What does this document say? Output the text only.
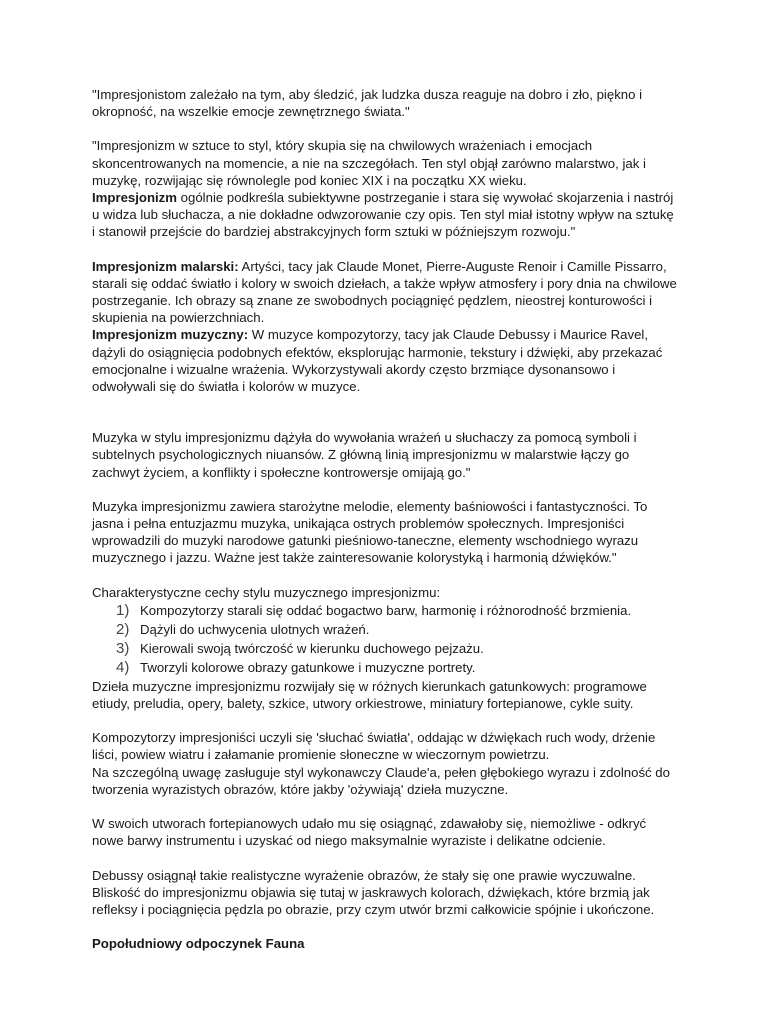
"Impresjonistom zależało na tym, aby śledzić, jak ludzka dusza reaguje na dobro i zło, piękno i okropność, na wszelkie emocje zewnętrznego świata."

"Impresjonizm w sztuce to styl, który skupia się na chwilowych wrażeniach i emocjach skoncentrowanych na momencie, a nie na szczegółach. Ten styl objął zarówno malarstwo, jak i muzykę, rozwijając się równolegle pod koniec XIX i na początku XX wieku.

Impresjonizm ogólnie podkreśla subiektywne postrzeganie i stara się wywołać skojarzenia i nastrój u widza lub słuchacza, a nie dokładne odwzorowanie czy opis. Ten styl miał istotny wpływ na sztukę i stanowił przejście do bardziej abstrakcyjnych form sztuki w późniejszym rozwoju."

Impresjonizm malarski: Artyści, tacy jak Claude Monet, Pierre-Auguste Renoir i Camille Pissarro, starali się oddać światło i kolory w swoich dziełach, a także wpływ atmosfery i pory dnia na chwilowe postrzeganie. Ich obrazy są znane ze swobodnych pociągnięć pędzlem, nieostrej konturowości i skupienia na powierzchniach.

Impresjonizm muzyczny: W muzyce kompozytorzy, tacy jak Claude Debussy i Maurice Ravel, dążyli do osiągnięcia podobnych efektów, eksplorując harmonie, tekstury i dźwięki, aby przekazać emocjonalne i wizualne wrażenia. Wykorzystywali akordy często brzmiące dysonansowo i odwoływali się do światła i kolorów w muzyce.

Muzyka w stylu impresjonizmu dążyła do wywołania wrażeń u słuchaczy za pomocą symboli i subtelnych psychologicznych niuansów. Z główną linią impresjonizmu w malarstwie łączy go zachwyt życiem, a konflikty i społeczne kontrowersje omijają go."

Muzyka impresjonizmu zawiera starożytne melodie, elementy baśniowości i fantastyczności. To jasna i pełna entuzjazmu muzyka, unikająca ostrych problemów społecznych. Impresjoniści wprowadzili do muzyki narodowe gatunki pieśniowo-taneczne, elementy wschodniego wyrazu muzycznego i jazzu. Ważne jest także zainteresowanie kolorystyką i harmonią dźwięków."

Charakterystyczne cechy stylu muzycznego impresjonizmu:

1) Kompozytorzy starali się oddać bogactwo barw, harmonię i różnorodność brzmienia.
2) Dążyli do uchwycenia ulotnych wrażeń.
3) Kierowali swoją twórczość w kierunku duchowego pejzażu.
4) Tworzyli kolorowe obrazy gatunkowe i muzyczne portrety.

Dzieła muzyczne impresjonizmu rozwijały się w różnych kierunkach gatunkowych: programowe etiudy, preludia, opery, balety, szkice, utwory orkiestrowe, miniatury fortepianowe, cykle suity.

Kompozytorzy impresjoniści uczyli się 'słuchać światła', oddając w dźwiękach ruch wody, drżenie liści, powiew wiatru i załamanie promienie słoneczne w wieczornym powietrzu.

Na szczególną uwagę zasługuje styl wykonawczy Claude'a, pełen głębokiego wyrazu i zdolność do tworzenia wyrazistych obrazów, które jakby 'ożywiają' dzieła muzyczne.

W swoich utworach fortepianowych udało mu się osiągnąć, zdawałoby się, niemożliwe - odkryć nowe barwy instrumentu i uzyskać od niego maksymalnie wyraziste i delikatne odcienie.

Debussy osiągnął takie realistyczne wyrażenie obrazów, że stały się one prawie wyczuwalne. Bliskość do impresjonizmu objawia się tutaj w jaskrawych kolorach, dźwiękach, które brzmią jak refleksy i pociągnięcia pędzla po obrazie, przy czym utwór brzmi całkowicie spójnie i ukończone.

Popołudniowy odpoczynek Fauna
